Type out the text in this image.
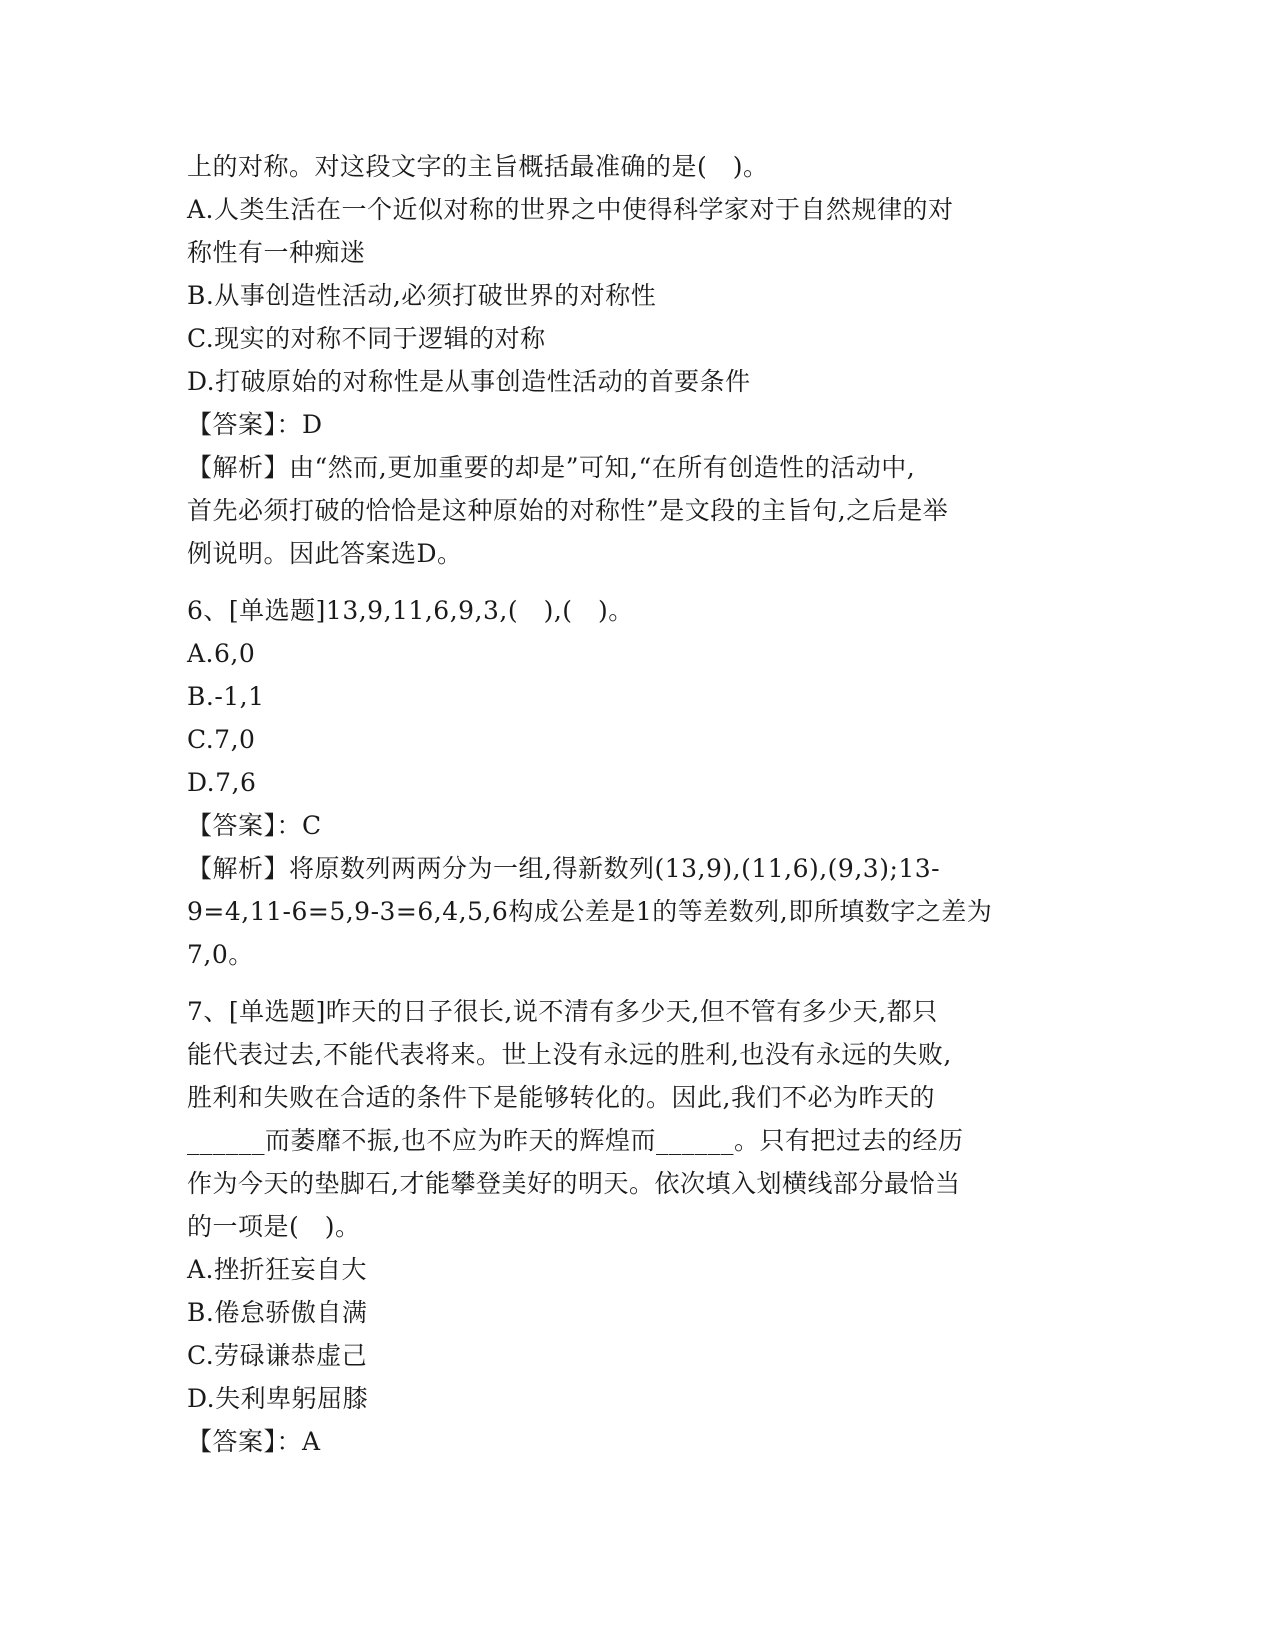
上的对称。对这段文字的主旨概括最准确的是(　)。
A.人类生活在一个近似对称的世界之中使得科学家对于自然规律的对
称性有一种痴迷
B.从事创造性活动,必须打破世界的对称性
C.现实的对称不同于逻辑的对称
D.打破原始的对称性是从事创造性活动的首要条件
【答案】：D
【解析】由“然而,更加重要的却是”可知,“在所有创造性的活动中,
首先必须打破的恰恰是这种原始的对称性”是文段的主旨句,之后是举
例说明。因此答案选D。
6、[单选题]13,9,11,6,9,3,(　),(　)。
A.6,0
B.-1,1
C.7,0
D.7,6
【答案】：C
【解析】将原数列两两分为一组,得新数列(13,9),(11,6),(9,3);13-
9=4,11-6=5,9-3=6,4,5,6构成公差是1的等差数列,即所填数字之差为
7,0。
7、[单选题]昨天的日子很长,说不清有多少天,但不管有多少天,都只
能代表过去,不能代表将来。世上没有永远的胜利,也没有永远的失败,
胜利和失败在合适的条件下是能够转化的。因此,我们不必为昨天的
______而萎靡不振,也不应为昨天的辉煌而______。只有把过去的经历
作为今天的垫脚石,才能攀登美好的明天。依次填入划横线部分最恰当
的一项是(　)。
A.挫折狂妄自大
B.倦怠骄傲自满
C.劳碌谦恭虚己
D.失利卑躬屈膝
【答案】：A
